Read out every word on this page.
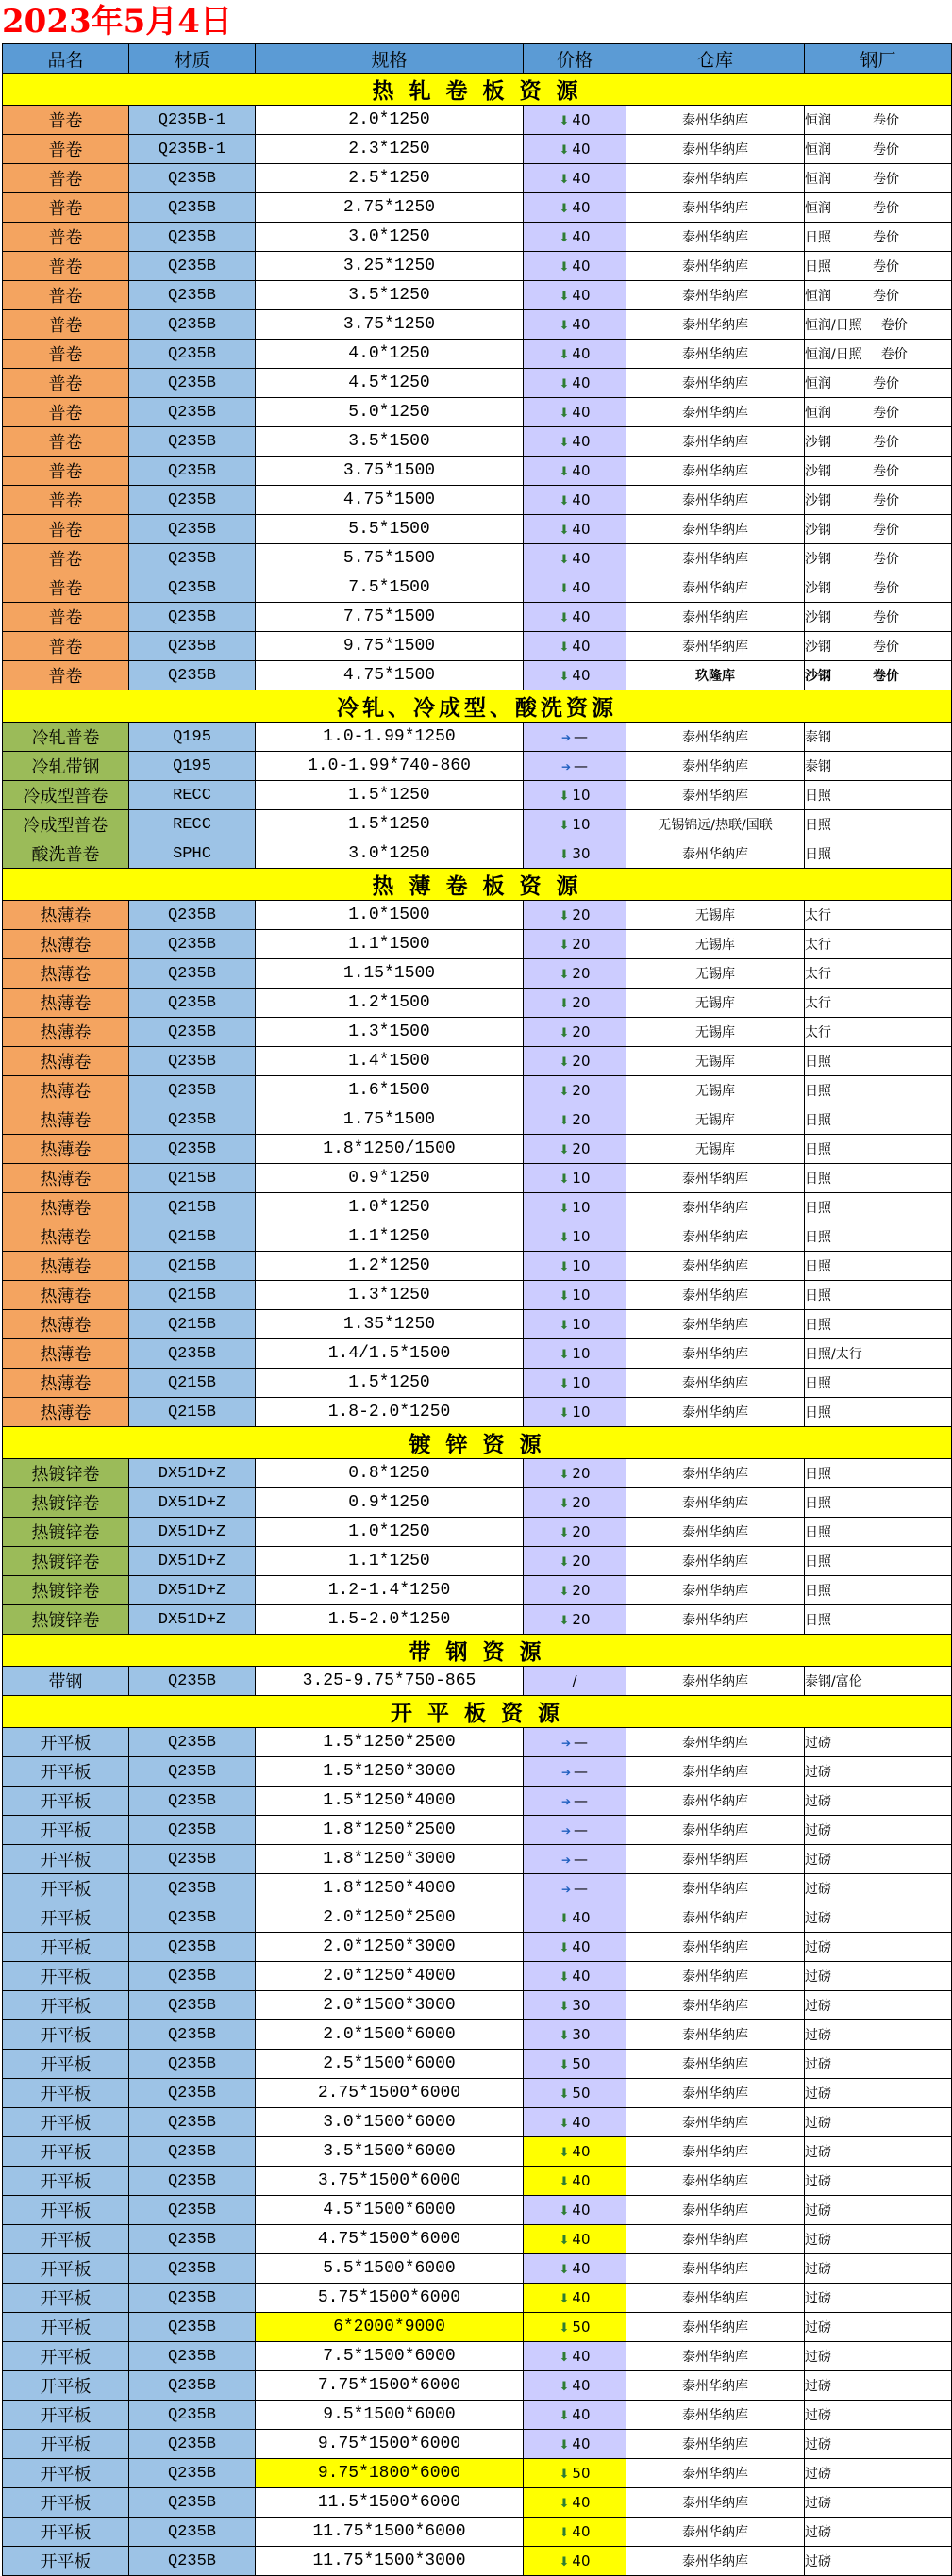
2023年5月4日
品名	材质	规格	价格	仓库	钢厂
热 轧 卷 板 资 源					
普卷	Q235B-1	2.0*1250	⬇ 40	泰州华纳库	恒润 卷价
普卷	Q235B-1	2.3*1250	⬇ 40	泰州华纳库	恒润 卷价
普卷	Q235B	2.5*1250	⬇ 40	泰州华纳库	恒润 卷价
普卷	Q235B	2.75*1250	⬇ 40	泰州华纳库	恒润 卷价
普卷	Q235B	3.0*1250	⬇ 40	泰州华纳库	日照 卷价
普卷	Q235B	3.25*1250	⬇ 40	泰州华纳库	日照 卷价
普卷	Q235B	3.5*1250	⬇ 40	泰州华纳库	恒润 卷价
普卷	Q235B	3.75*1250	⬇ 40	泰州华纳库	恒润/日照 卷价
普卷	Q235B	4.0*1250	⬇ 40	泰州华纳库	恒润/日照 卷价
普卷	Q235B	4.5*1250	⬇ 40	泰州华纳库	恒润 卷价
普卷	Q235B	5.0*1250	⬇ 40	泰州华纳库	恒润 卷价
普卷	Q235B	3.5*1500	⬇ 40	泰州华纳库	沙钢 卷价
普卷	Q235B	3.75*1500	⬇ 40	泰州华纳库	沙钢 卷价
普卷	Q235B	4.75*1500	⬇ 40	泰州华纳库	沙钢 卷价
普卷	Q235B	5.5*1500	⬇ 40	泰州华纳库	沙钢 卷价
普卷	Q235B	5.75*1500	⬇ 40	泰州华纳库	沙钢 卷价
普卷	Q235B	7.5*1500	⬇ 40	泰州华纳库	沙钢 卷价
普卷	Q235B	7.75*1500	⬇ 40	泰州华纳库	沙钢 卷价
普卷	Q235B	9.75*1500	⬇ 40	泰州华纳库	沙钢 卷价
普卷	Q235B	4.75*1500	⬇ 40	玖隆库	沙钢 卷价
冷轧、冷成型、酸洗资源					
冷轧普卷	Q195	1.0-1.99*1250	➔ —	泰州华纳库	泰钢
冷轧带钢	Q195	1.0-1.99*740-860	➔ —	泰州华纳库	泰钢
冷成型普卷	RECC	1.5*1250	⬇ 10	泰州华纳库	日照
冷成型普卷	RECC	1.5*1250	⬇ 10	无锡锦远/热联/国联	日照
酸洗普卷	SPHC	3.0*1250	⬇ 30	泰州华纳库	日照
热 薄 卷 板 资 源					
热薄卷	Q235B	1.0*1500	⬇ 20	无锡库	太行
热薄卷	Q235B	1.1*1500	⬇ 20	无锡库	太行
热薄卷	Q235B	1.15*1500	⬇ 20	无锡库	太行
热薄卷	Q235B	1.2*1500	⬇ 20	无锡库	太行
热薄卷	Q235B	1.3*1500	⬇ 20	无锡库	太行
热薄卷	Q235B	1.4*1500	⬇ 20	无锡库	日照
热薄卷	Q235B	1.6*1500	⬇ 20	无锡库	日照
热薄卷	Q235B	1.75*1500	⬇ 20	无锡库	日照
热薄卷	Q235B	1.8*1250/1500	⬇ 20	无锡库	日照
热薄卷	Q215B	0.9*1250	⬇ 10	泰州华纳库	日照
热薄卷	Q215B	1.0*1250	⬇ 10	泰州华纳库	日照
热薄卷	Q215B	1.1*1250	⬇ 10	泰州华纳库	日照
热薄卷	Q215B	1.2*1250	⬇ 10	泰州华纳库	日照
热薄卷	Q215B	1.3*1250	⬇ 10	泰州华纳库	日照
热薄卷	Q215B	1.35*1250	⬇ 10	泰州华纳库	日照
热薄卷	Q235B	1.4/1.5*1500	⬇ 10	泰州华纳库	日照/太行
热薄卷	Q215B	1.5*1250	⬇ 10	泰州华纳库	日照
热薄卷	Q215B	1.8-2.0*1250	⬇ 10	泰州华纳库	日照
镀 锌 资 源					
热镀锌卷	DX51D+Z	0.8*1250	⬇ 20	泰州华纳库	日照
热镀锌卷	DX51D+Z	0.9*1250	⬇ 20	泰州华纳库	日照
热镀锌卷	DX51D+Z	1.0*1250	⬇ 20	泰州华纳库	日照
热镀锌卷	DX51D+Z	1.1*1250	⬇ 20	泰州华纳库	日照
热镀锌卷	DX51D+Z	1.2-1.4*1250	⬇ 20	泰州华纳库	日照
热镀锌卷	DX51D+Z	1.5-2.0*1250	⬇ 20	泰州华纳库	日照
带 钢 资 源					
带钢	Q235B	3.25-9.75*750-865	/	泰州华纳库	泰钢/富伦
开 平 板 资 源					
开平板	Q235B	1.5*1250*2500	➔ —	泰州华纳库	过磅
开平板	Q235B	1.5*1250*3000	➔ —	泰州华纳库	过磅
开平板	Q235B	1.5*1250*4000	➔ —	泰州华纳库	过磅
开平板	Q235B	1.8*1250*2500	➔ —	泰州华纳库	过磅
开平板	Q235B	1.8*1250*3000	➔ —	泰州华纳库	过磅
开平板	Q235B	1.8*1250*4000	➔ —	泰州华纳库	过磅
开平板	Q235B	2.0*1250*2500	⬇ 40	泰州华纳库	过磅
开平板	Q235B	2.0*1250*3000	⬇ 40	泰州华纳库	过磅
开平板	Q235B	2.0*1250*4000	⬇ 40	泰州华纳库	过磅
开平板	Q235B	2.0*1500*3000	⬇ 30	泰州华纳库	过磅
开平板	Q235B	2.0*1500*6000	⬇ 30	泰州华纳库	过磅
开平板	Q235B	2.5*1500*6000	⬇ 50	泰州华纳库	过磅
开平板	Q235B	2.75*1500*6000	⬇ 50	泰州华纳库	过磅
开平板	Q235B	3.0*1500*6000	⬇ 40	泰州华纳库	过磅
开平板	Q235B	3.5*1500*6000	⬇ 40	泰州华纳库	过磅
开平板	Q235B	3.75*1500*6000	⬇ 40	泰州华纳库	过磅
开平板	Q235B	4.5*1500*6000	⬇ 40	泰州华纳库	过磅
开平板	Q235B	4.75*1500*6000	⬇ 40	泰州华纳库	过磅
开平板	Q235B	5.5*1500*6000	⬇ 40	泰州华纳库	过磅
开平板	Q235B	5.75*1500*6000	⬇ 40	泰州华纳库	过磅
开平板	Q235B	6*2000*9000	⬇ 50	泰州华纳库	过磅
开平板	Q235B	7.5*1500*6000	⬇ 40	泰州华纳库	过磅
开平板	Q235B	7.75*1500*6000	⬇ 40	泰州华纳库	过磅
开平板	Q235B	9.5*1500*6000	⬇ 40	泰州华纳库	过磅
开平板	Q235B	9.75*1500*6000	⬇ 40	泰州华纳库	过磅
开平板	Q235B	9.75*1800*6000	⬇ 50	泰州华纳库	过磅
开平板	Q235B	11.5*1500*6000	⬇ 40	泰州华纳库	过磅
开平板	Q235B	11.75*1500*6000	⬇ 40	泰州华纳库	过磅
开平板	Q235B	11.75*1500*3000	⬇ 40	泰州华纳库	过磅
